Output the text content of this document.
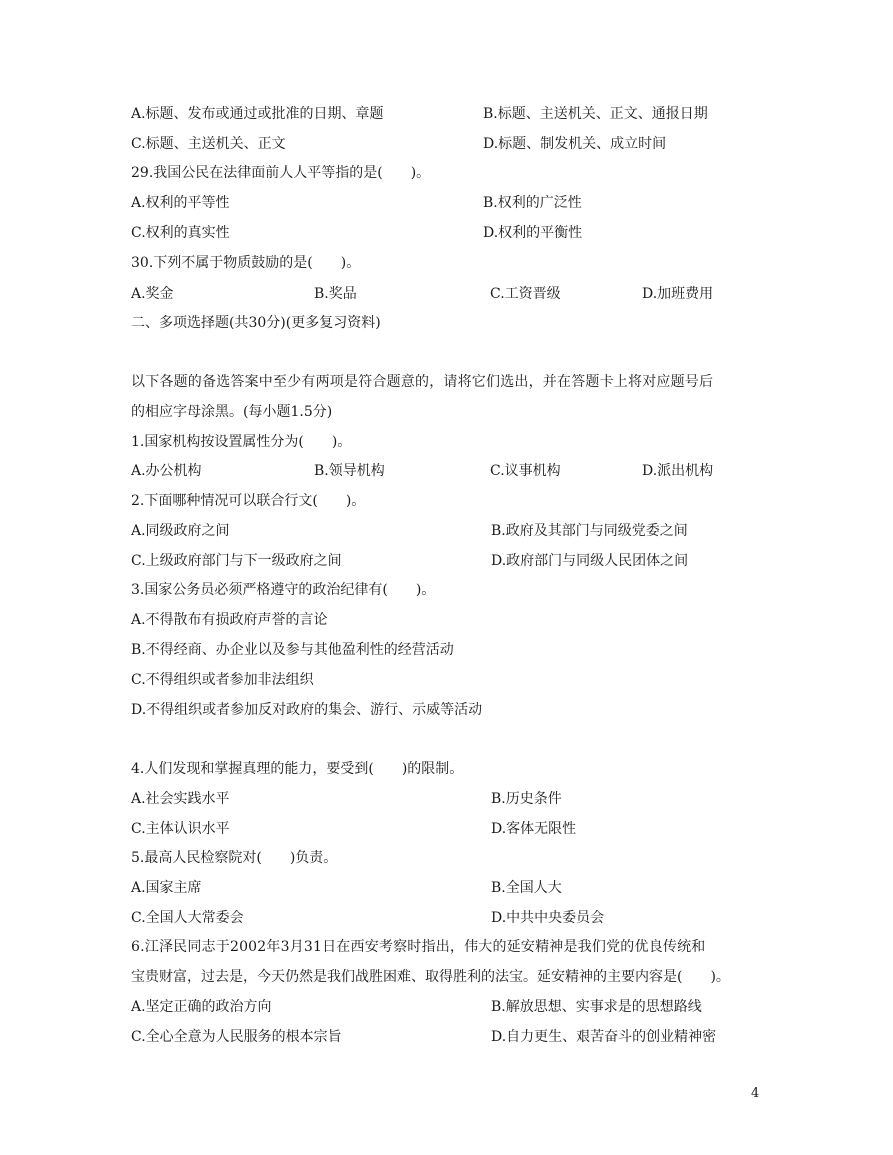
A.标题、发布或通过或批准的日期、章题	B.标题、主送机关、正文、通报日期
C.标题、主送机关、正文	D.标题、制发机关、成立时间
29.我国公民在法律面前人人平等指的是(　　)。
A.权利的平等性	B.权利的广泛性
C.权利的真实性	D.权利的平衡性
30.下列不属于物质鼓励的是(　　)。
A.奖金	B.奖品	C.工资晋级	D.加班费用
二、多项选择题(共30分)(更多复习资料)
以下各题的备选答案中至少有两项是符合题意的，请将它们选出，并在答题卡上将对应题号后
的相应字母涂黑。(每小题1.5分)
1.国家机构按设置属性分为(　　)。
A.办公机构	B.领导机构	C.议事机构	D.派出机构
2.下面哪种情况可以联合行文(　　)。
A.同级政府之间	B.政府及其部门与同级党委之间
C.上级政府部门与下一级政府之间	D.政府部门与同级人民团体之间
3.国家公务员必须严格遵守的政治纪律有(　　)。
A.不得散布有损政府声誉的言论
B.不得经商、办企业以及参与其他盈利性的经营活动
C.不得组织或者参加非法组织
D.不得组织或者参加反对政府的集会、游行、示威等活动
4.人们发现和掌握真理的能力，要受到(　　)的限制。
A.社会实践水平	B.历史条件
C.主体认识水平	D.客体无限性
5.最高人民检察院对(　　)负责。
A.国家主席	B.全国人大
C.全国人大常委会	D.中共中央委员会
6.江泽民同志于2002年3月31日在西安考察时指出，伟大的延安精神是我们党的优良传统和
宝贵财富，过去是，今天仍然是我们战胜困难、取得胜利的法宝。延安精神的主要内容是(　　)。
A.坚定正确的政治方向	B.解放思想、实事求是的思想路线
C.全心全意为人民服务的根本宗旨	D.自力更生、艰苦奋斗的创业精神密
4
